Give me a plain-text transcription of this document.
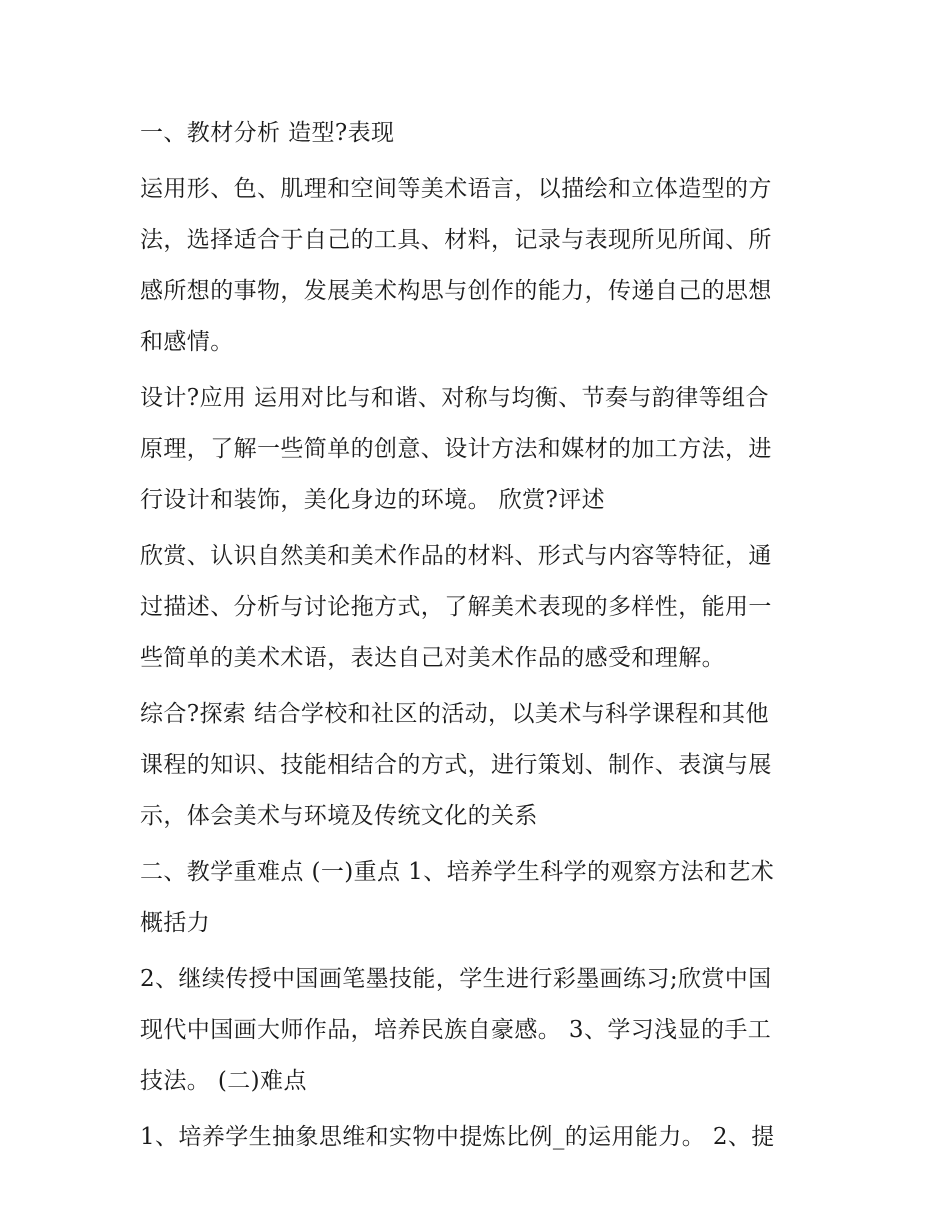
一、教材分析 造型?表现

运用形、色、肌理和空间等美术语言，以描绘和立体造型的方
法，选择适合于自己的工具、材料，记录与表现所见所闻、所
感所想的事物，发展美术构思与创作的能力，传递自己的思想
和感情。

设计?应用 运用对比与和谐、对称与均衡、节奏与韵律等组合
原理，了解一些简单的创意、设计方法和媒材的加工方法，进
行设计和装饰，美化身边的环境。 欣赏?评述

欣赏、认识自然美和美术作品的材料、形式与内容等特征，通
过描述、分析与讨论拖方式，了解美术表现的多样性，能用一
些简单的美术术语，表达自己对美术作品的感受和理解。

综合?探索 结合学校和社区的活动，以美术与科学课程和其他
课程的知识、技能相结合的方式，进行策划、制作、表演与展
示，体会美术与环境及传统文化的关系

二、教学重难点 (一)重点 1、培养学生科学的观察方法和艺术
概括力

2、继续传授中国画笔墨技能，学生进行彩墨画练习;欣赏中国
现代中国画大师作品，培养民族自豪感。 3、学习浅显的手工
技法。 (二)难点

1、培养学生抽象思维和实物中提炼比例_的运用能力。 2、提
